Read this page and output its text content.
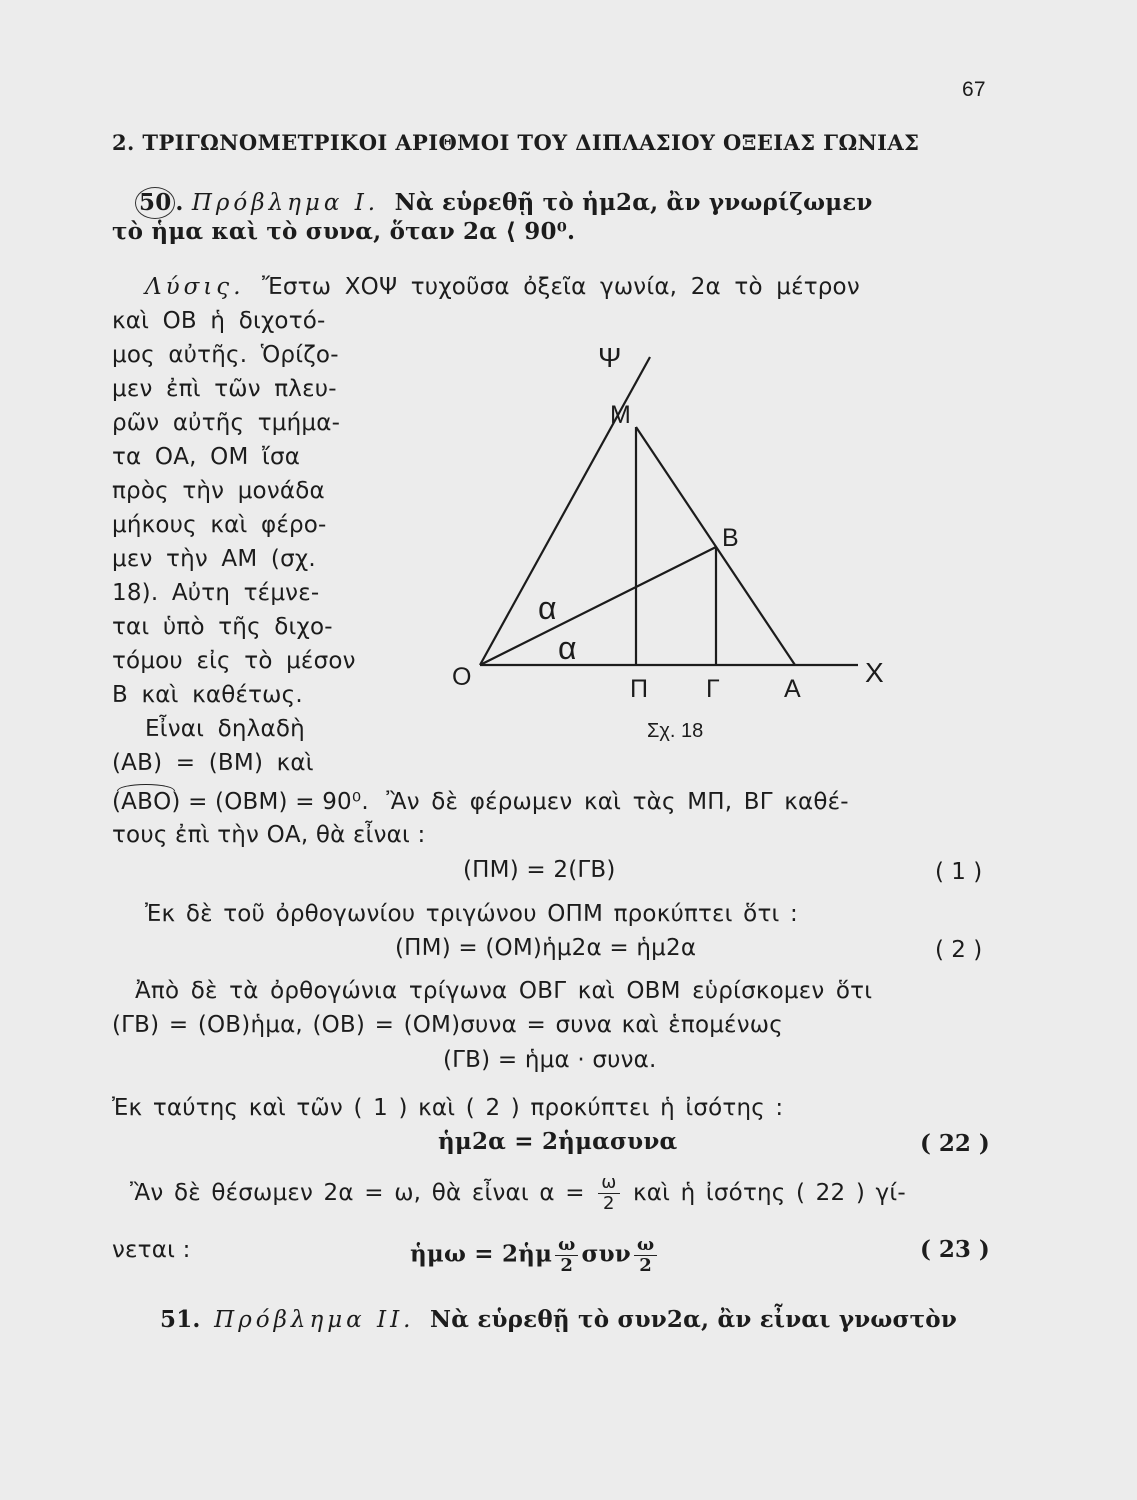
67
2. ΤΡΙΓΩΝΟΜΕΤΡΙΚΟΙ ΑΡΙΘΜΟΙ ΤΟΥ ΔΙΠΛΑΣΙΟΥ ΟΞΕΙΑΣ ΓΩΝΙΑΣ
50 . Πρόβλημα Ι. Νὰ εὑρεθῇ τὸ ἡμ2α, ἂν γνωρίζωμεν
τὸ ἡμα καὶ τὸ συνα, ὅταν 2α ⟨ 90⁰.
Λύσις. Ἔστω ΧΟΨ τυχοῦσα ὀξεῖα γωνία, 2α τὸ μέτρον
καὶ ΟΒ ἡ διχοτό-
μος αὐτῆς. Ὁρίζο-
μεν ἐπὶ τῶν πλευ-
ρῶν αὐτῆς τμήμα-
τα ΟΑ, ΟΜ ἴσα
πρὸς τὴν μονάδα
μήκους καὶ φέρο-
μεν τὴν ΑΜ (σχ.
18). Αὐτη τέμνε-
ται ὑπὸ τῆς διχο-
τόμου εἰς τὸ μέσον
Β καὶ καθέτως.
Εἶναι δηλαδὴ
(ΑΒ) = (ΒΜ) καὶ
Ψ
Μ
Β
α
α
Ο	Π Γ	Α
Χ
Σχ. 18
(ΑΒΟ) = (ΟΒΜ) = 90⁰. Ἂν δὲ φέρωμεν καὶ τὰς ΜΠ, ΒΓ καθέ-
τους ἐπὶ τὴν ΟΑ, θὰ εἶναι :
(ΠΜ) = 2(ΓΒ)	( 1 )
Ἐκ δὲ τοῦ ὀρθογωνίου τριγώνου ΟΠΜ προκύπτει ὅτι :
(ΠΜ) = (ΟΜ)ἡμ2α = ἡμ2α	( 2 )
Ἀπὸ δὲ τὰ ὀρθογώνια τρίγωνα ΟΒΓ καὶ ΟΒΜ εὑρίσκομεν ὅτι
(ΓΒ) = (ΟΒ)ἡμα, (ΟΒ) = (ΟΜ)συνα = συνα καὶ ἑπομένως
(ΓΒ) = ἡμα · συνα.
Ἐκ ταύτης καὶ τῶν ( 1 ) καὶ ( 2 ) προκύπτει ἡ ἰσότης :
ἡμ2α = 2ἡμασυνα	( 22 )
Ἂν δὲ θέσωμεν 2α = ω, θὰ εἶναι $\alpha = \frac{\omega}{2}$ καὶ ἡ ἰσότης ( 22 ) γί-
νεται :	ἡμω = 2ἡμ $\frac{\omega}{2}$ συν $\frac{\omega}{2}$	( 23 )
51. Πρόβλημα ΙΙ. Νὰ εὑρεθῇ τὸ συν2α, ἂν εἶναι γνωστὸν
